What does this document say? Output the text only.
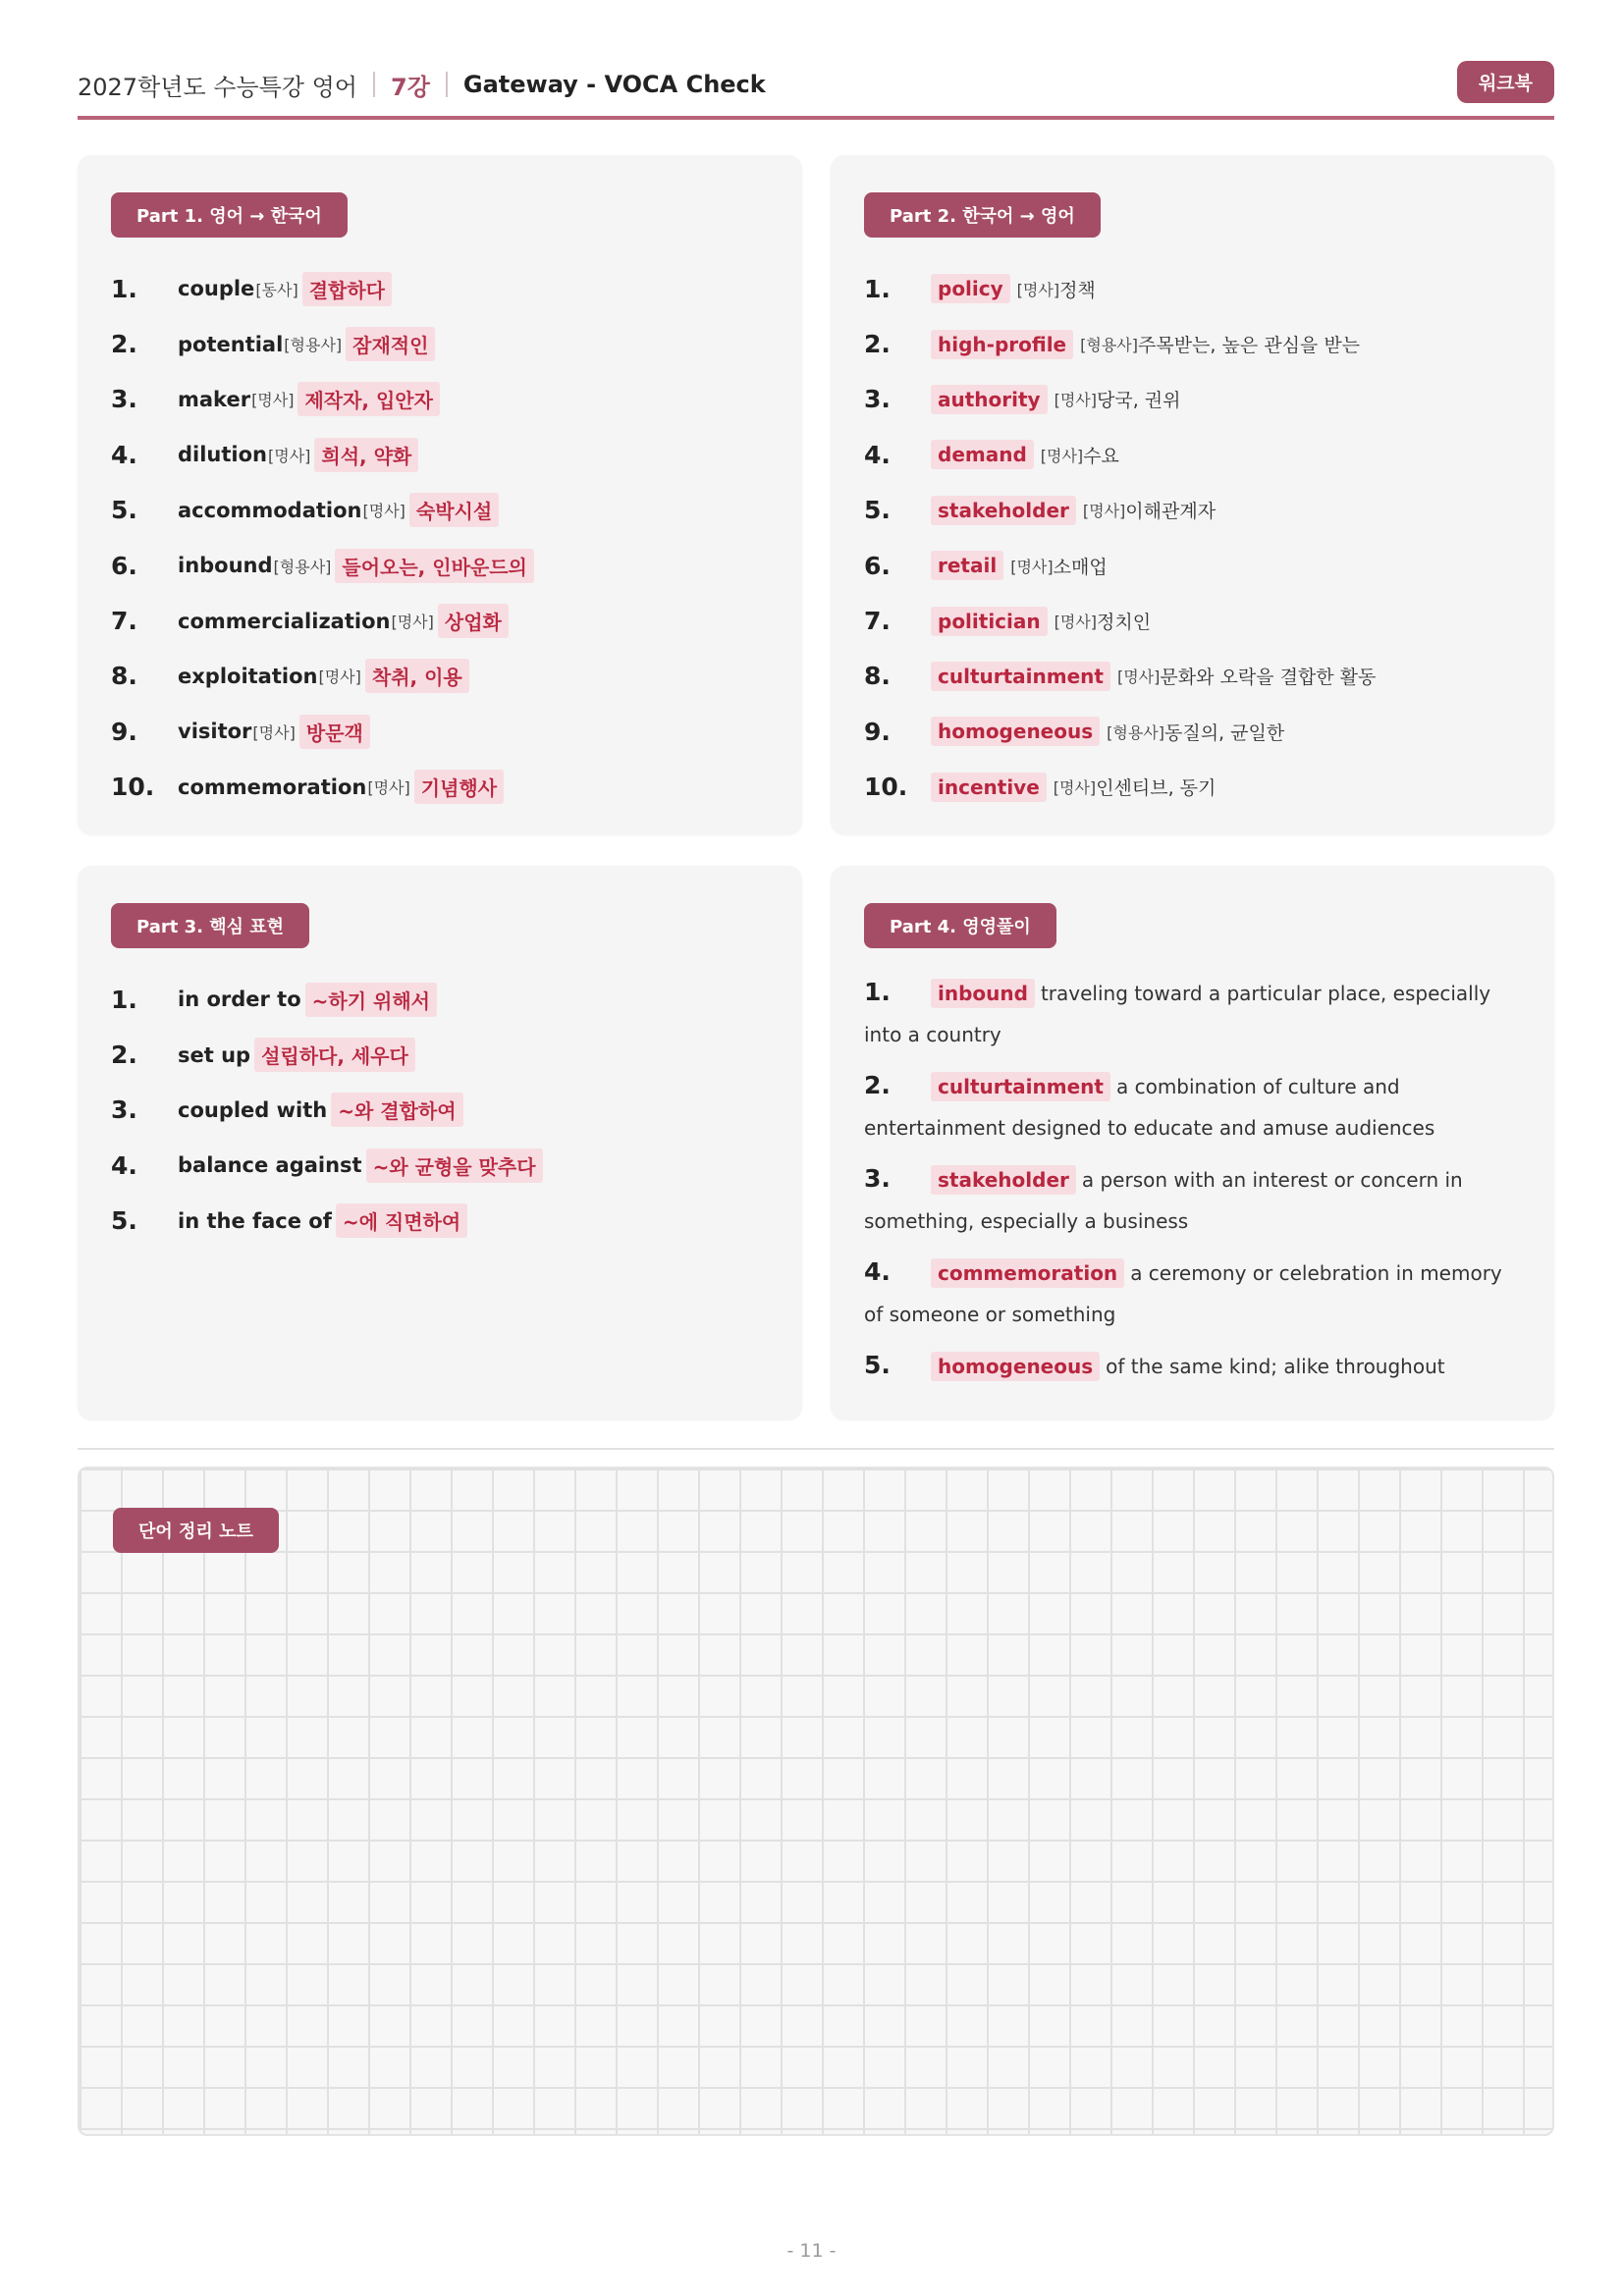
2027학년도 수능특강 영어 7강 Gateway - VOCA Check	워크북
Part 1. 영어 → 한국어
1.	couple [동사] 결합하다
2.	potential [형용사] 잠재적인
3.	maker [명사] 제작자, 입안자
4.	dilution [명사] 희석, 약화
5.	accommodation [명사] 숙박시설
6.	inbound [형용사] 들어오는, 인바운드의
7.	commercialization [명사] 상업화
8.	exploitation [명사] 착취, 이용
9.	visitor [명사] 방문객
10.	commemoration [명사] 기념행사
Part 2. 한국어 → 영어
1.	policy [명사] 정책
2.	high-profile [형용사] 주목받는, 높은 관심을 받는
3.	authority [명사] 당국, 권위
4.	demand [명사] 수요
5.	stakeholder [명사] 이해관계자
6.	retail [명사] 소매업
7.	politician [명사] 정치인
8.	culturtainment [명사] 문화와 오락을 결합한 활동
9.	homogeneous [형용사] 동질의, 균일한
10.	incentive [명사] 인센티브, 동기
Part 3. 핵심 표현
1.	in order to ~하기 위해서
2.	set up 설립하다, 세우다
3.	coupled with ~와 결합하여
4.	balance against ~와 균형을 맞추다
5.	in the face of ~에 직면하여
Part 4. 영영풀이
1. inbound traveling toward a particular place, especially into a country
2. culturtainment a combination of culture and entertainment designed to educate and amuse audiences
3. stakeholder a person with an interest or concern in something, especially a business
4. commemoration a ceremony or celebration in memory of someone or something
5. homogeneous of the same kind; alike throughout
단어 정리 노트
- 11 -
